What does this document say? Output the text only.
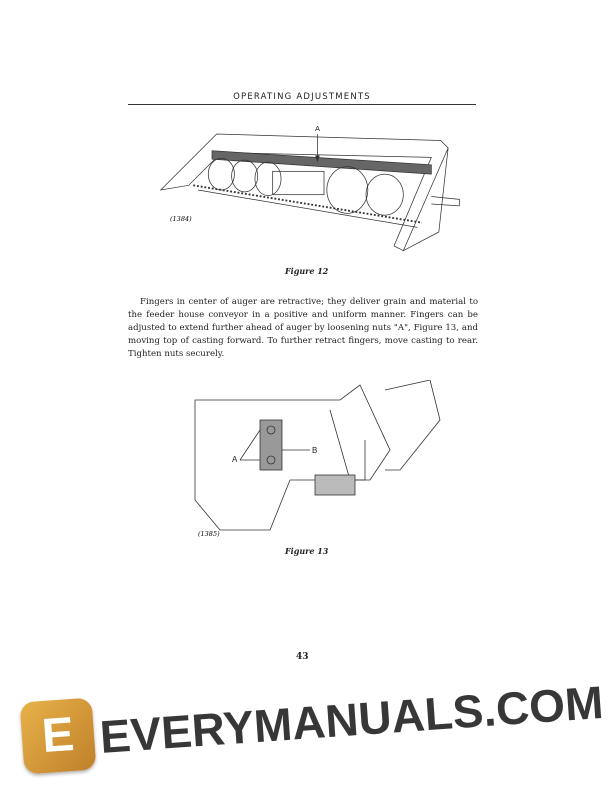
OPERATING ADJUSTMENTS
A
(1384)
Figure 12

Fingers in center of auger are retractive; they deliver grain and material to the feeder house conveyor in a positive and uniform manner. Fingers can be adjusted to extend further ahead of auger by loosening nuts "A", Figure 13, and moving top of casting forward. To further retract fingers, move casting to rear. Tighten nuts securely.

A
B
(1385)
Figure 13
43
E EVERYMANUALS.COM
